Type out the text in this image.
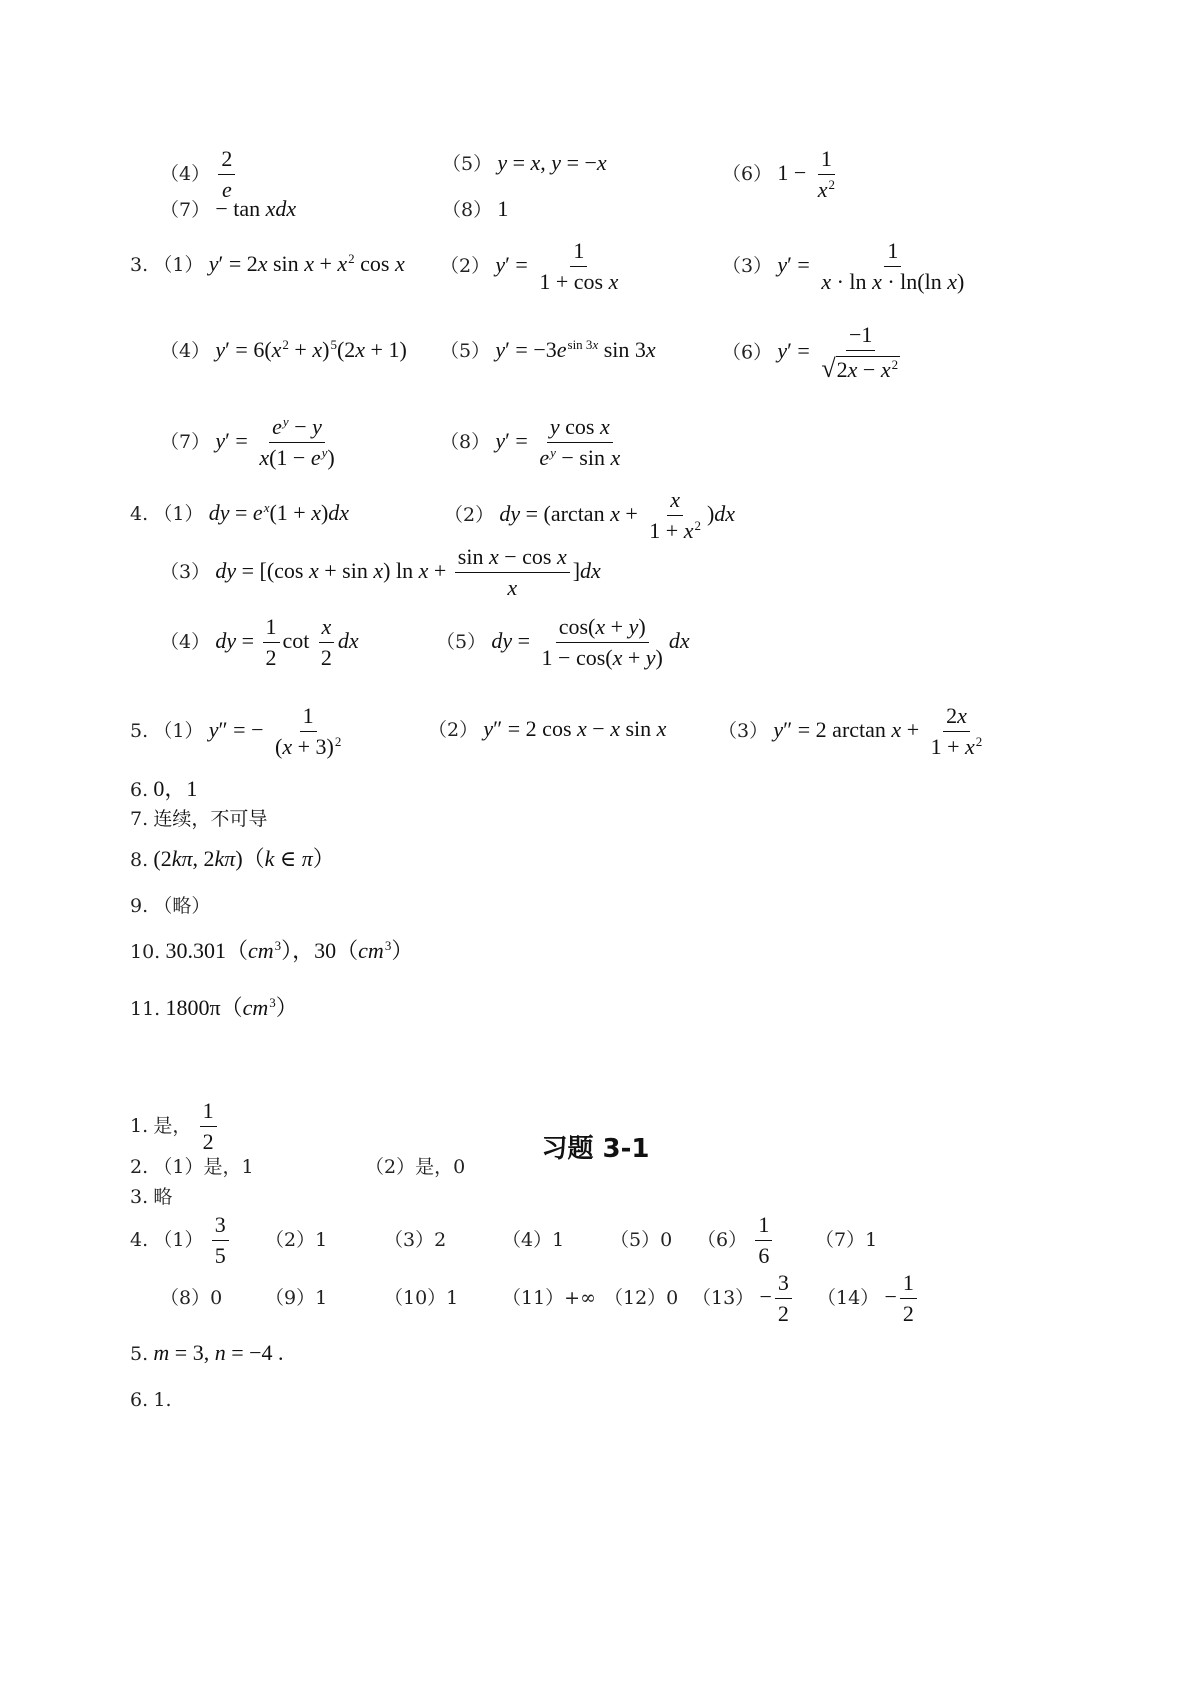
$(4) \frac{2}{e}$	（5） y = x, y = −x	（6） $1 - \frac{1}{x^2}$
（7） − tan xdx	（8） 1
3. （1） y′ = 2x $\sin x + x^2$ cos x （2） $y' = \frac{1}{\text{1 + cos x}}$	（3） $y' = \frac{1}{\text{x · ln x · ln(ln x)}}$
（4） $y' = 6(x^2 + x)^5(2x + 1)$ （5） $y' = -3e^{sin 3x}$ sin 3x	（6） $y' = \frac{-1}{√2x - x^2}$
（7） $y' = \frac{e^y - y}{x(1 - e^y)}$	（8） $y' = \frac{\text{y cos x}}{e^y - \sin x}$
4. （1） dy = $e^x(1 + x)dx$	（2） dy = (arctan $x + \frac{x}{1 + x^2} )dx$
（3） dy = [(cos x + sin x) $\ln x + \frac{\text{sin x − cos x}}{x} ]dx$
（4） dy = $\frac{1}{2}$ $\cot \frac{x}{2}$ dx	（5） dy = $\frac{\cos(x + y)}{1 - \cos(x + y)}$ dx
5. （1） y″ = − $\frac{1}{(x + 3)^2}$	（2） y″ = 2 cos x − x sin x	（3） y″ = 2 $\arctan x + \frac{2x}{1 + x^2}$
6. 0，1
7. 连续，不可导
8. (2kπ, 2kπ)（k ∈ π）
9. （略）
10. $30.301(cm^3)$，$30(cm^3)$
11. $1800\pi(cm^3)$
习题 3-1
1. 是， $\frac{1}{2}$
2. （1）是，1	（2）是，0
3. 略
4. $(1) \frac{3}{5} (2)1$	（3）2	（4）1 （5）0 $(6) \frac{1}{6} (7)1$
（8）0 （9）1	（10）1 （11）+∞ （12）0 $(13) - \frac{3}{2} (14) - \frac{1}{2}$
5. m = 3, n = −4 .
6. 1.
